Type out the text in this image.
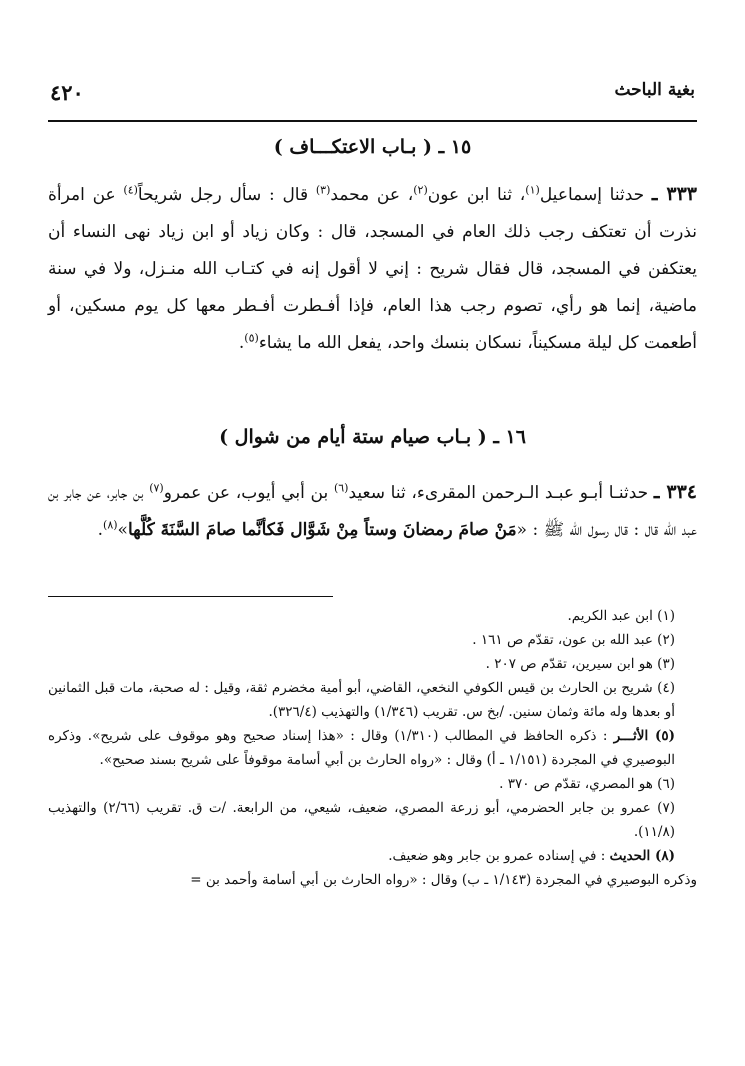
بغية الباحث
٤٢٠
١٥ ـ ( بـاب الاعتكـــاف )
٣٣٣ ـ حدثنا إسماعيل$^{(١)}$، ثنا ابن عون$^{(٢)}$، عن محمد$^{(٣)}$ قال : سأل رجل شريحاً$^{(٤)}$ عن امرأة نذرت أن تعتكف رجب ذلك العام في المسجد، قال : وكان زياد أو ابن زياد نهى النساء أن يعتكفن في المسجد، قال فقال شريح : إني لا أقول إنه في كتـاب الله منـزل، ولا في سنة ماضية، إنما هو رأي، تصوم رجب هذا العام، فإذا أفـطرت أفـطر معها كل يوم مسكين، أو أطعمت كل ليلة مسكيناً، نسكان بنسك واحد، يفعل الله ما يشاء$^{(٥)}$.
١٦ ـ ( بـاب صيام ستة أيام من شوال )
٣٣٤ ـ حدثنـا أبـو عبـد الـرحمن المقرىء، ثنا سعيد$^{(٦)}$ بن أبي أيوب، عن عمرو$^{(٧)}$ بن جابر، عن جابر بن عبد الله قال : قال رسول الله ﷺ : «مَنْ صامَ رمضانَ وستاً مِنْ شَوَّال فَكأنَّما صامَ السَّنَةَ كُلَّها»$^{(٨)}$.
(١) ابن عبد الكريم.
(٢) عبد الله بن عون، تقدّم ص ١٦١ .
(٣) هو ابن سيرين، تقدّم ص ٢٠٧ .
(٤) شريح بن الحارث بن قيس الكوفي النخعي، القاضي، أبو أمية مخضرم ثقة، وقيل : له صحبة، مات قبل الثمانين أو بعدها وله مائة وثمان سنين. /بخ س. تقريب (١/٣٤٦) والتهذيب (٣٢٦/٤).
(٥) الأثـــر : ذكره الحافظ في المطالب (١/٣١٠) وقال : «هذا إسناد صحيح وهو موقوف على شريح». وذكره البوصيري في المجردة (١/١٥١ ـ أ) وقال : «رواه الحارث بن أبي أسامة موقوفاً على شريح بسند صحيح».
(٦) هو المصري، تقدّم ص ٣٧٠ .
(٧) عمرو بن جابر الحضرمي، أبو زرعة المصري، ضعيف، شيعي، من الرابعة. /ت ق. تقريب (٢/٦٦) والتهذيب (١١/٨).
(٨) الحديث : في إسناده عمرو بن جابر وهو ضعيف.
وذكره البوصيري في المجردة (١/١٤٣ ـ ب) وقال : «رواه الحارث بن أبي أسامة وأحمد بن =
